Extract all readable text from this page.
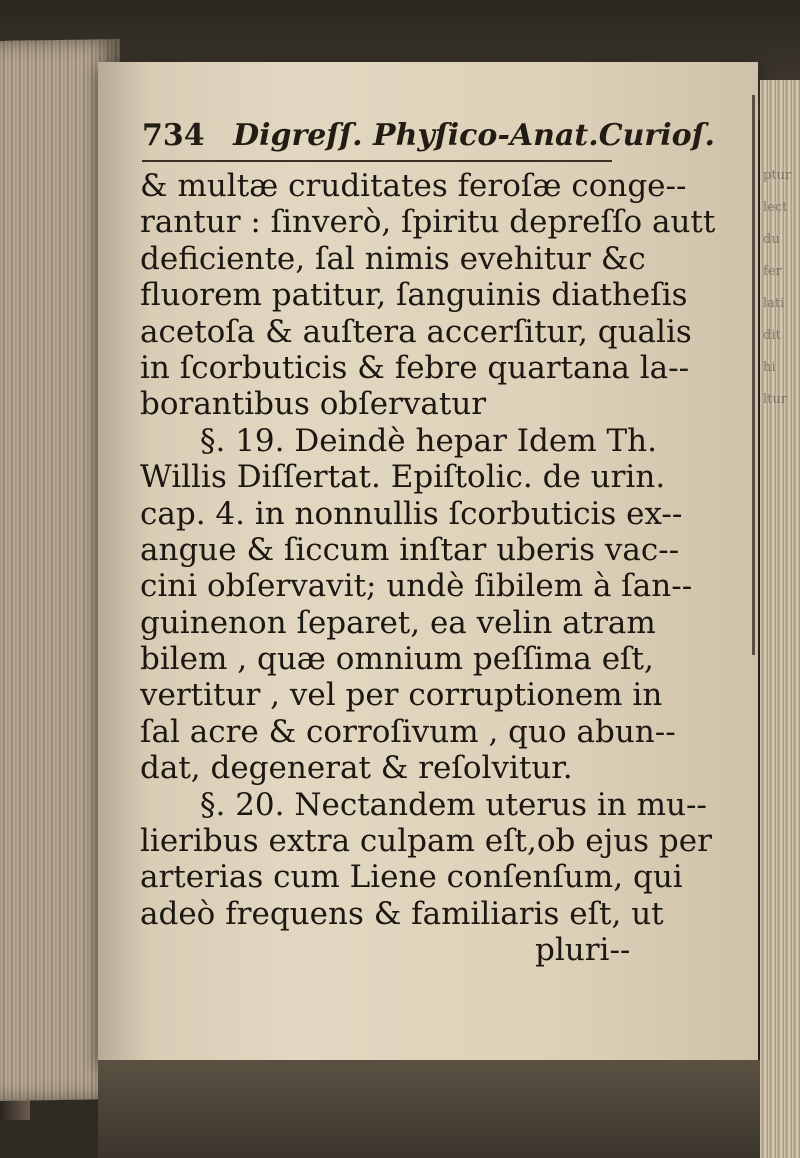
ptur
lect
du
fer
lati
dit
hi
ltur
734 Digreſſ. Phyſico-Anat.Curioſ.
& multæ cruditates feroſæ conge--
rantur : ſinverò, ſpiritu depreſſo autt
deficiente, ſal nimis evehitur &c
fluorem patitur, ſanguinis diatheſis
acetoſa & auſtera accerſitur, qualis
in ſcorbuticis & febre quartana la--
borantibus obſervatur
§. 19. Deindè hepar Idem Th.
Willis Diſſertat. Epiſtolic. de urin.
cap. 4. in nonnullis ſcorbuticis ex--
angue & ſiccum inſtar uberis vac--
cini obſervavit; undè ſibilem à ſan--
guinenon ſeparet, ea velin atram
bilem , quæ omnium peſſima eſt,
vertitur , vel per corruptionem in
ſal acre & corroſivum , quo abun--
dat, degenerat & reſolvitur.
§. 20. Nectandem uterus in mu--
lieribus extra culpam eſt,ob ejus per
arterias cum Liene conſenſum, qui
adeò frequens & familiaris eſt, ut
pluri--
